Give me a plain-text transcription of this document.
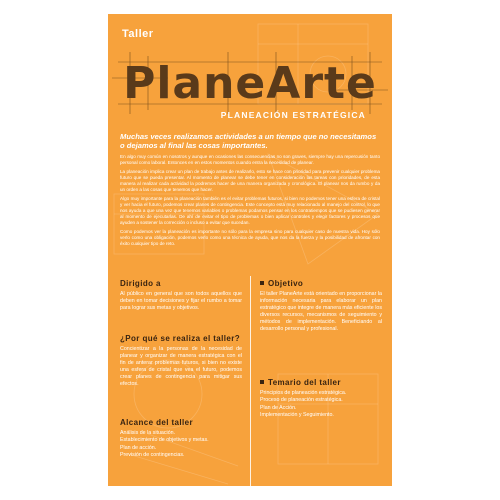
Taller
PlaneArte
PLANEACIÓN ESTRATÉGICA

Muchas veces realizamos actividades a un tiempo que no necesitamos o dejamos al final las cosas importantes.

En algo muy común en nosotros y aunque en ocasiones las consecuencias no son graves, siempre hay una repercusión tanto personal como laboral. Entonces en en estos momentos cuando entra la necesidad de planear.

La planeación implica crear un plan de trabajo antes de realizarlo, esto se hace con prioridad para prevenir cualquier problema futuro que se pueda presentar. Al momento de planear se debe tener en consideración las tareas con prioridades, de esta manera al realizar cada actividad la podremos hacer de una manera organizada y cronológica. El planear nos da rumbo y da un orden a las cosas que tenemos que hacer.

Algo muy importante para la planeación también es el evitar problemas futuros, si bien no podemos tener una esfera de cristal y ver hacia el futuro, podemos crear planes de contingencia. Este concepto está muy relacionado al manejo del control, lo que nos ayuda a que una vez que tenemos variables o problemas podamos pensar en los contratiempos que se pudiesen generar al momento de ejecutarlas. De ahí de evitar el tipo de problemas o bien aplicar controles y elegir factores y procesos que ayuden a sostener la corrección o incluso a evitar que sucedan.

Como podemos ver la planeación es importante no sólo para la empresa sino para cualquier caso de nuestra vida. Hoy sólo verlo como una obligación, podemos verlo como una técnica de ayuda, que nos da la fuerza y la posibilidad de afrontar con éxito cualquier tipo de reto.

Dirigido a

Al público en general que son todos aquellos que deben en tomar decisiones y fijar el rumbo a tomar para lograr sus metas y objetivos.

¿Por qué se realiza el taller?

Concientizar a la personas de la necesidad de planear y organizar de manera estratégica con el fin de anterar problemas futuros, si bien no existe una esfera de cristal que vea el futuro, podemos crear planes de contingencia para mitigar sus efectos.

Alcance del taller

Análisis de la situación.
Establecimiento de objetivos y metas.
Plan de acción.
Previsión de contingencias.

Objetivo

El taller PlaneArte está orientado en proporcionar la información necesaria para elaborar un plan estratégico que integre de manera más eficiente los diversos recursos, mecanismos de seguimiento y métodos de implementación. Beneficiando al desarrollo personal y profesional.

Temario del taller

Principios de planeación estratégica.
Proceso de planeación estratégica.
Plan de Acción.
Implementación y Seguimiento.
